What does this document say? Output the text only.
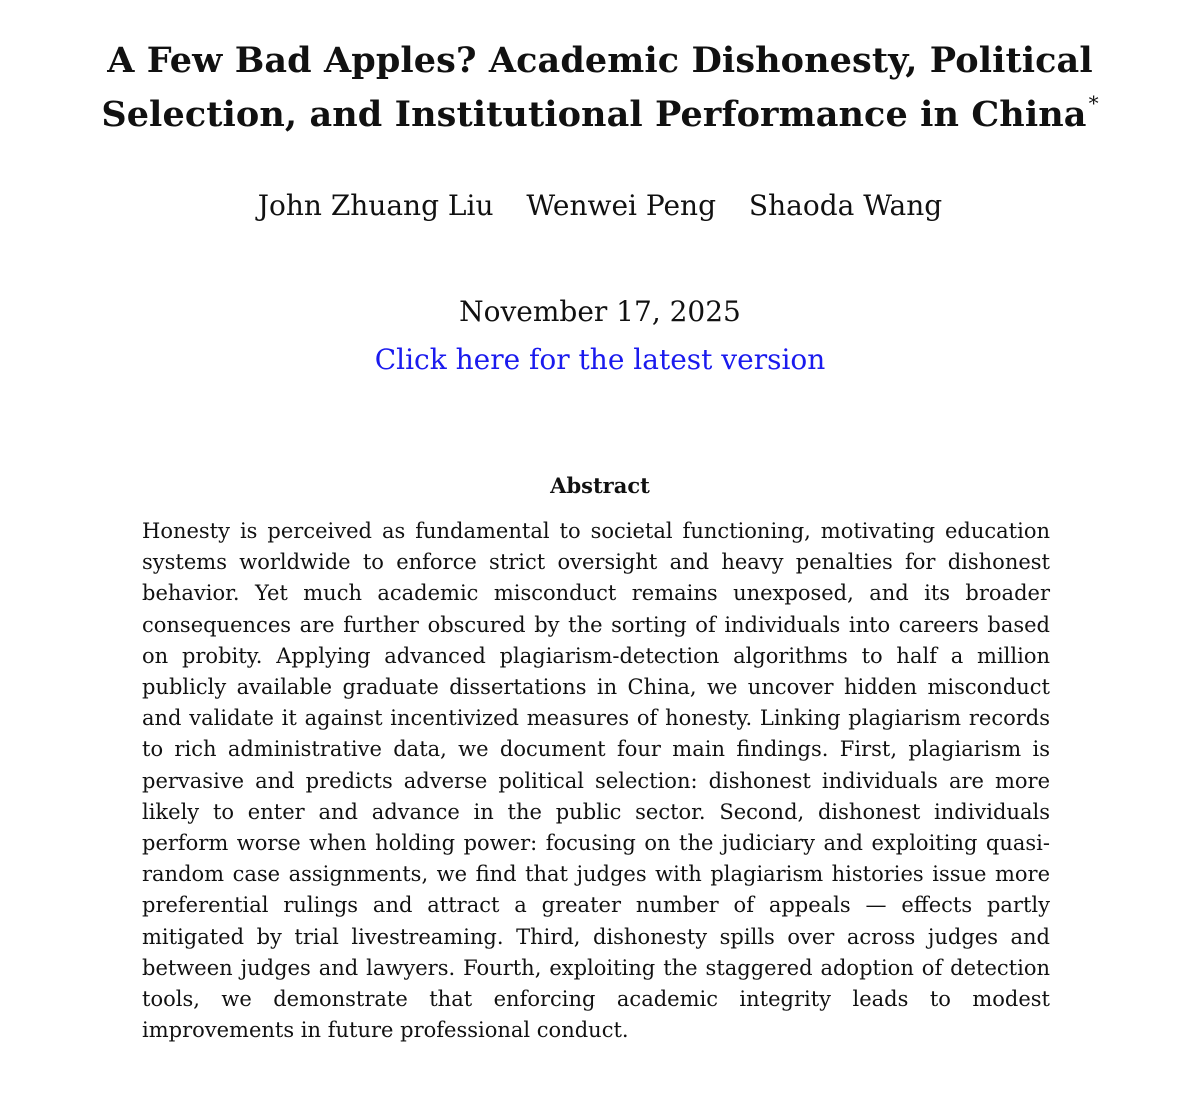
A Few Bad Apples? Academic Dishonesty, Political
Selection, and Institutional Performance in China *
John Zhuang Liu Wenwei Peng Shaoda Wang
November 17, 2025
Click here for the latest version
Abstract

Honesty is perceived as fundamental to societal functioning, motivating education systems worldwide to enforce strict oversight and heavy penalties for dishonest behavior. Yet much academic misconduct remains unexposed, and its broader consequences are further obscured by the sorting of individuals into careers based on probity. Applying advanced plagiarism-detection algorithms to half a million publicly available graduate dissertations in China, we uncover hidden misconduct and validate it against incentivized measures of honesty. Linking plagiarism records to rich administrative data, we document four main findings. First, plagiarism is pervasive and predicts adverse political selection: dishonest individuals are more likely to enter and advance in the public sector. Second, dishonest individuals perform worse when holding power: focusing on the judiciary and exploiting quasi-random case assignments, we find that judges with plagiarism histories issue more preferential rulings and attract a greater number of appeals — effects partly mitigated by trial livestreaming. Third, dishonesty spills over across judges and between judges and lawyers. Fourth, exploiting the staggered adoption of detection tools, we demonstrate that enforcing academic integrity leads to modest improvements in future professional conduct.
